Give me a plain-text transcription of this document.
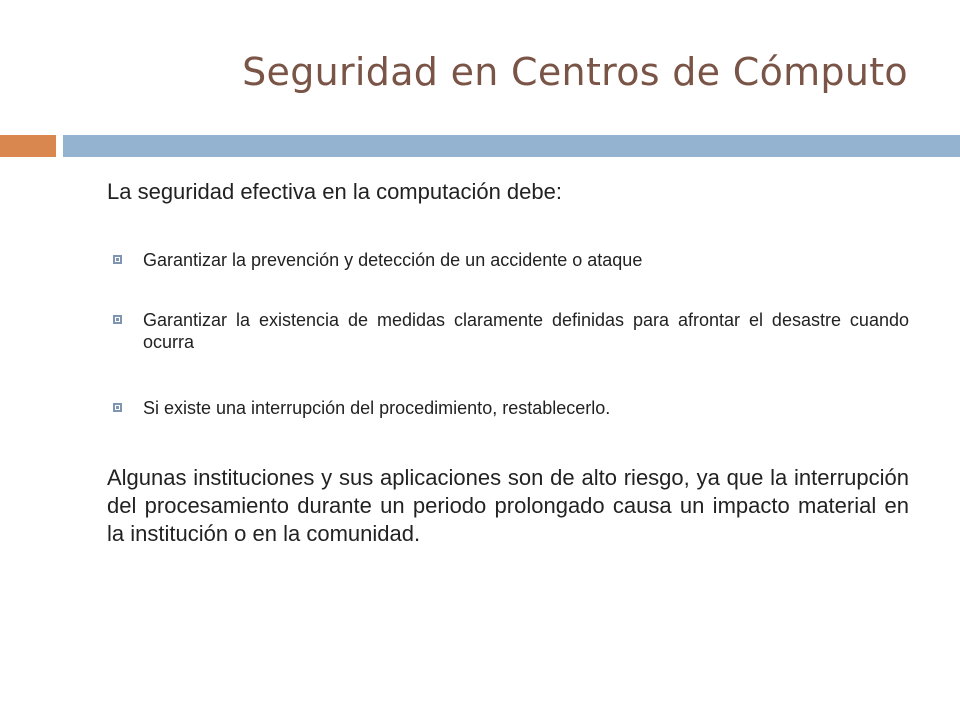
Seguridad en Centros de Cómputo

La seguridad efectiva en la computación debe:

Garantizar la prevención y detección de un accidente o ataque
Garantizar la existencia de medidas claramente definidas para afrontar el desastre cuando ocurra
Si existe una interrupción del procedimiento, restablecerlo.

Algunas instituciones y sus aplicaciones son de alto riesgo, ya que la interrupción del procesamiento durante un periodo prolongado causa un impacto material en la institución o en la comunidad.
